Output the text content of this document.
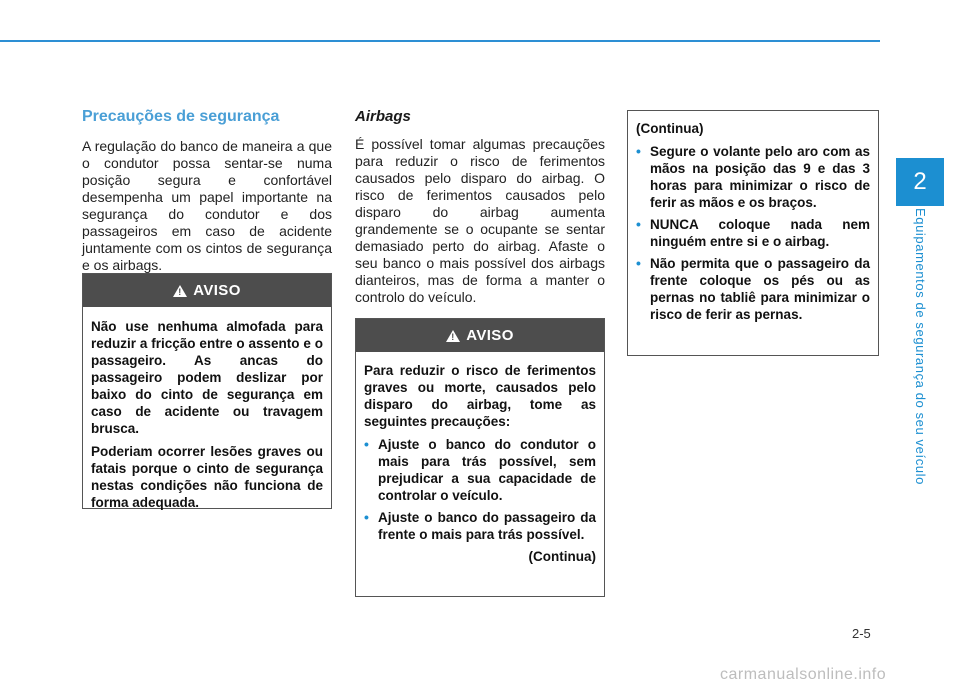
2
Equipamentos de segurança do seu veículo
Precauções de segurança
A regulação do banco de maneira a que o condutor possa sentar-se numa posição segura e confortável desempenha um papel importante na segurança do condutor e dos passageiros em caso de acidente juntamente com os cintos de segurança e os airbags.
!
AVISO

Não use nenhuma almofada para reduzir a fricção entre o assento e o passageiro. As ancas do passageiro podem deslizar por baixo do cinto de segurança em caso de acidente ou travagem brusca.

Poderiam ocorrer lesões graves ou fatais porque o cinto de segurança nestas condições não funciona de forma adequada.

Airbags
É possível tomar algumas precauções para reduzir o risco de ferimentos causados pelo disparo do airbag. O risco de ferimentos causados pelo disparo do airbag aumenta grandemente se o ocupante se sentar demasiado perto do airbag. Afaste o seu banco o mais possível dos airbags dianteiros, mas de forma a manter o controlo do veículo.
!
AVISO

Para reduzir o risco de ferimentos graves ou morte, causados pelo disparo do airbag, tome as seguintes precauções:

• Ajuste o banco do condutor o mais para trás possível, sem prejudicar a sua capacidade de controlar o veículo.
• Ajuste o banco do passageiro da frente o mais para trás possível.
(Continua)

(Continua)

• Segure o volante pelo aro com as mãos na posição das 9 e das 3 horas para minimizar o risco de ferir as mãos e os braços.
• NUNCA coloque nada nem ninguém entre si e o airbag.
• Não permita que o passageiro da frente coloque os pés ou as pernas no tabliê para minimizar o risco de ferir as pernas.
2-5
carmanualsonline.info
